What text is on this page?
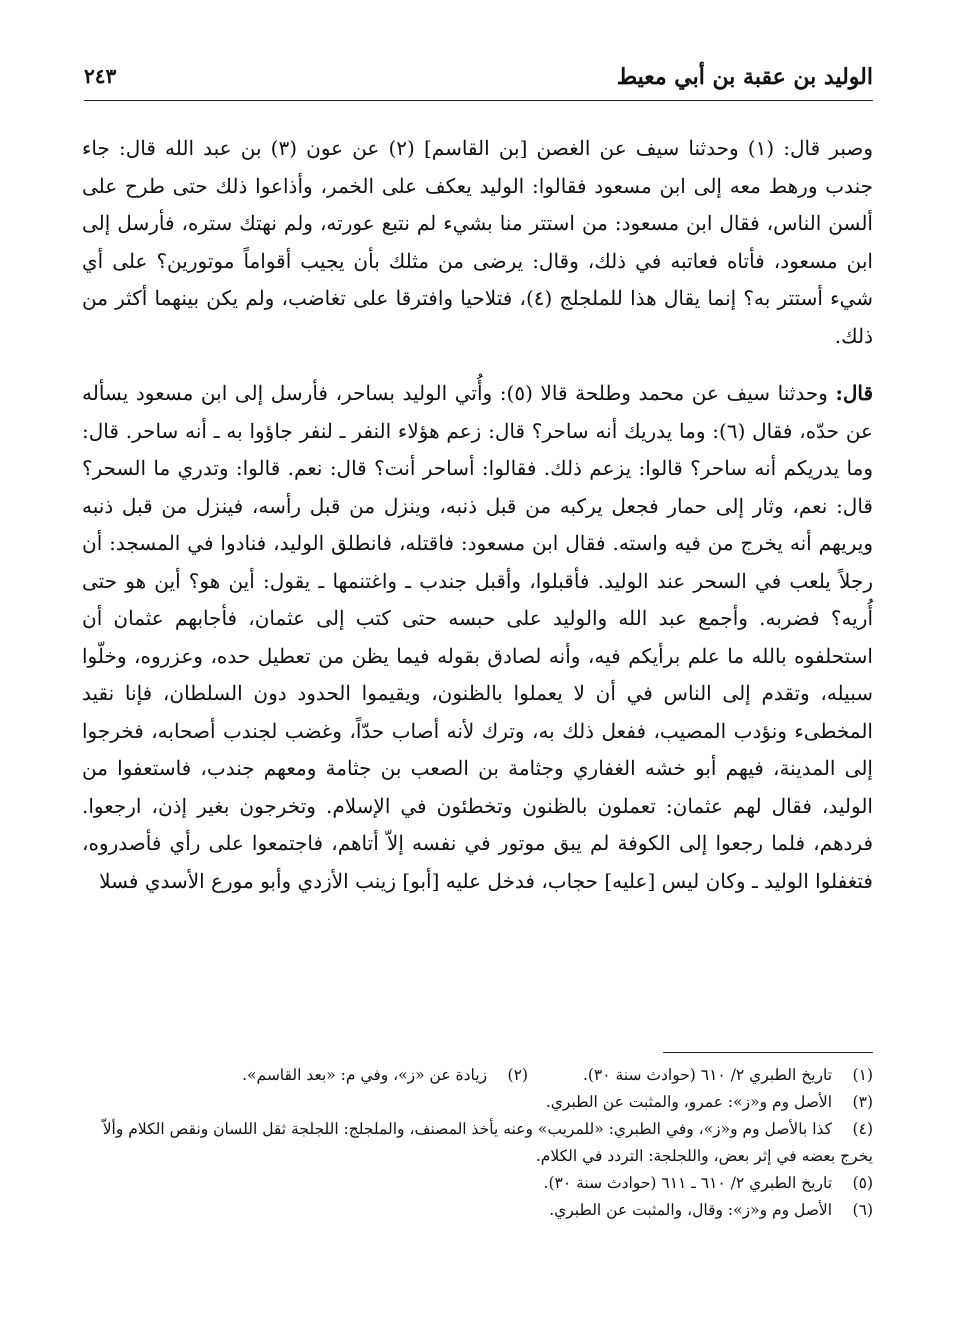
الوليد بن عقبة بن أبي معيط
٢٤٣

وصبر قال: (١) وحدثنا سيف عن الغصن [بن القاسم] (٢) عن عون (٣) بن عبد الله قال: جاء جندب ورهط معه إلى ابن مسعود فقالوا: الوليد يعكف على الخمر، وأذاعوا ذلك حتى طرح على ألسن الناس، فقال ابن مسعود: من استتر منا بشيء لم نتبع عورته، ولم نهتك ستره، فأرسل إلى ابن مسعود، فأتاه فعاتبه في ذلك، وقال: يرضى من مثلك بأن يجيب أقواماً موتورين؟ على أي شيء أستتر به؟ إنما يقال هذا للملجلج (٤)، فتلاحيا وافترقا على تغاضب، ولم يكن بينهما أكثر من ذلك.

قال: وحدثنا سيف عن محمد وطلحة قالا (٥): وأُتي الوليد بساحر، فأرسل إلى ابن مسعود يسأله عن حدّه، فقال (٦): وما يدريك أنه ساحر؟ قال: زعم هؤلاء النفر ـ لنفر جاؤوا به ـ أنه ساحر. قال: وما يدريكم أنه ساحر؟ قالوا: يزعم ذلك. فقالوا: أساحر أنت؟ قال: نعم. قالوا: وتدري ما السحر؟ قال: نعم، وثار إلى حمار فجعل يركبه من قبل ذنبه، وينزل من قبل رأسه، فينزل من قبل ذنبه ويريهم أنه يخرج من فيه واسته. فقال ابن مسعود: فاقتله، فانطلق الوليد، فنادوا في المسجد: أن رجلاً يلعب في السحر عند الوليد. فأقبلوا، وأقبل جندب ـ واغتنمها ـ يقول: أين هو؟ أين هو حتى أُريه؟ فضربه. وأجمع عبد الله والوليد على حبسه حتى كتب إلى عثمان، فأجابهم عثمان أن استحلفوه بالله ما علم برأيكم فيه، وأنه لصادق بقوله فيما يظن من تعطيل حده، وعزروه، وخلّوا سبيله، وتقدم إلى الناس في أن لا يعملوا بالظنون، ويقيموا الحدود دون السلطان، فإنا نقيد المخطىء ونؤدب المصيب، ففعل ذلك به، وترك لأنه أصاب حدّاً، وغضب لجندب أصحابه، فخرجوا إلى المدينة، فيهم أبو خشه الغفاري وجثامة بن الصعب بن جثامة ومعهم جندب، فاستعفوا من الوليد، فقال لهم عثمان: تعملون بالظنون وتخطئون في الإسلام. وتخرجون بغير إذن، ارجعوا. فردهم، فلما رجعوا إلى الكوفة لم يبق موتور في نفسه إلاّ أتاهم، فاجتمعوا على رأي فأصدروه، فتغفلوا الوليد ـ وكان ليس [عليه] حجاب، فدخل عليه [أبو] زينب الأزدي وأبو مورع الأسدي فسلا

(١) تاريخ الطبري ٢/ ٦١٠ (حوادث سنة ٣٠).
(٢) زيادة عن «ز»، وفي م: «بعد القاسم».

(٣) الأصل وم و«ز»: عمرو، والمثبت عن الطبري.

(٤) كذا بالأصل وم و«ز»، وفي الطبري: «للمريب» وعنه يأخذ المصنف، والملجلج: اللجلجة ثقل اللسان ونقص الكلام وألاّ يخرج بعضه في إثر بعض، واللجلجة: التردد في الكلام.

(٥) تاريخ الطبري ٢/ ٦١٠ ـ ٦١١ (حوادث سنة ٣٠).

(٦) الأصل وم و«ز»: وقال، والمثبت عن الطبري.
